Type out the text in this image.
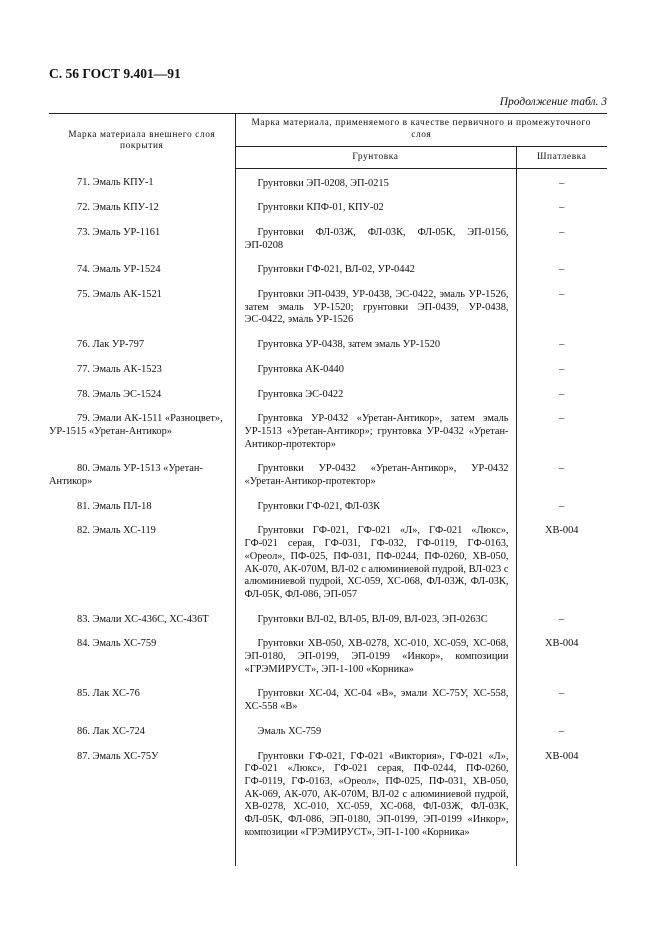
С. 56 ГОСТ 9.401—91
Продолжение табл. 3
Марка материала внешнего слоя покрытия	Марка материала, применяемого в качестве первичного и промежуточного слоя	
	Грунтовка	Шпатлевка
71. Эмаль КПУ-1	Грунтовки ЭП-0208, ЭП-0215	–
72. Эмаль КПУ-12	Грунтовки КПФ-01, КПУ-02	–
73. Эмаль УР-1161	Грунтовки ФЛ-03Ж, ФЛ-03К, ФЛ-05К, ЭП-0156, ЭП-0208	–
74. Эмаль УР-1524	Грунтовки ГФ-021, ВЛ-02, УР-0442	–
75. Эмаль АК-1521	Грунтовки ЭП-0439, УР-0438, ЭС-0422, эмаль УР-1526, затем эмаль УР-1520; грунтовки ЭП-0439, УР-0438, ЭС-0422, эмаль УР-1526	–
76. Лак УР-797	Грунтовка УР-0438, затем эмаль УР-1520	–
77. Эмаль АК-1523	Грунтовка АК-0440	–
78. Эмаль ЭС-1524	Грунтовка ЭС-0422	–
79. Эмали АК-1511 «Разноцвет», УР-1515 «Уретан-Антикор»	Грунтовка УР-0432 «Уретан-Антикор», затем эмаль УР-1513 «Уретан-Антикор»; грунтовка УР-0432 «Уретан-Антикор-протектор»	–
80. Эмаль УР-1513 «Уретан-Антикор»	Грунтовки УР-0432 «Уретан-Антикор», УР-0432 «Уретан-Антикор-протектор»	–
81. Эмаль ПЛ-18	Грунтовки ГФ-021, ФЛ-03К	–
82. Эмаль ХС-119	Грунтовки ГФ-021, ГФ-021 «Л», ГФ-021 «Люкс», ГФ-021 серая, ГФ-031, ГФ-032, ГФ-0119, ГФ-0163, «Ореол», ПФ-025, ПФ-031, ПФ-0244, ПФ-0260, ХВ-050, АК-070, АК-070М, ВЛ-02 с алюминиевой пудрой, ВЛ-023 с алюминиевой пудрой, ХС-059, ХС-068, ФЛ-03Ж, ФЛ-03К, ФЛ-05К, ФЛ-086, ЭП-057	ХВ-004
83. Эмали ХС-436С, ХС-436Т	Грунтовки ВЛ-02, ВЛ-05, ВЛ-09, ВЛ-023, ЭП-0263С	–
84. Эмаль ХС-759	Грунтовки ХВ-050, ХВ-0278, ХС-010, ХС-059, ХС-068, ЭП-0180, ЭП-0199, ЭП-0199 «Инкор», композиции «ГРЭМИРУСТ», ЭП-1-100 «Корника»	ХВ-004
85. Лак ХС-76	Грунтовки ХС-04, ХС-04 «В», эмали ХС-75У, ХС-558, ХС-558 «В»	–
86. Лак ХС-724	Эмаль ХС-759	–
87. Эмаль ХС-75У	Грунтовки ГФ-021, ГФ-021 «Виктория», ГФ-021 «Л», ГФ-021 «Люкс», ГФ-021 серая, ПФ-0244, ПФ-0260, ГФ-0119, ГФ-0163, «Ореол», ПФ-025, ПФ-031, ХВ-050, АК-069, АК-070, АК-070М, ВЛ-02 с алюминиевой пудрой, ХВ-0278, ХС-010, ХС-059, ХС-068, ФЛ-03Ж, ФЛ-03К, ФЛ-05К, ФЛ-086, ЭП-0180, ЭП-0199, ЭП-0199 «Инкор», композиции «ГРЭМИРУСТ», ЭП-1-100 «Корника»	ХВ-004
